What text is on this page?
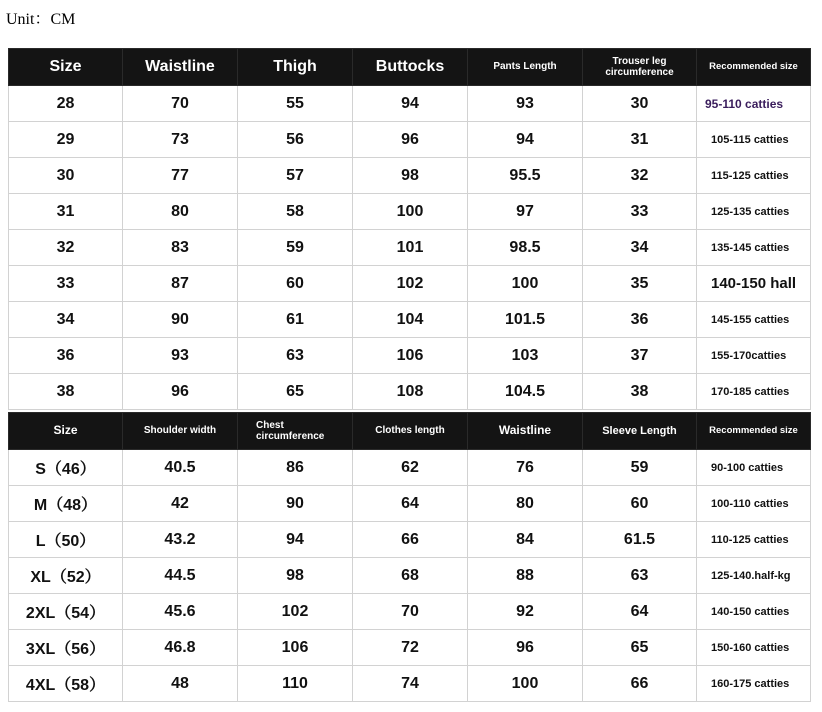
Unit：CM
Size	Waistline	Thigh	Buttocks	Pants Length	Trouser leg circumference	Recommended size
28	70	55	94	93	30	95-110 catties
29	73	56	96	94	31	105-115 catties
30	77	57	98	95.5	32	115-125 catties
31	80	58	100	97	33	125-135 catties
32	83	59	101	98.5	34	135-145 catties
33	87	60	102	100	35	140-150 hall
34	90	61	104	101.5	36	145-155 catties
36	93	63	106	103	37	155-170catties
38	96	65	108	104.5	38	170-185 catties
Size	Shoulder width	Chest circumference	Clothes length	Waistline	Sleeve Length	Recommended size
S（46）	40.5	86	62	76	59	90-100 catties
M（48）	42	90	64	80	60	100-110 catties
L（50）	43.2	94	66	84	61.5	110-125 catties
XL（52）	44.5	98	68	88	63	125-140.half-kg
2XL（54）	45.6	102	70	92	64	140-150 catties
3XL（56）	46.8	106	72	96	65	150-160 catties
4XL（58）	48	110	74	100	66	160-175 catties
